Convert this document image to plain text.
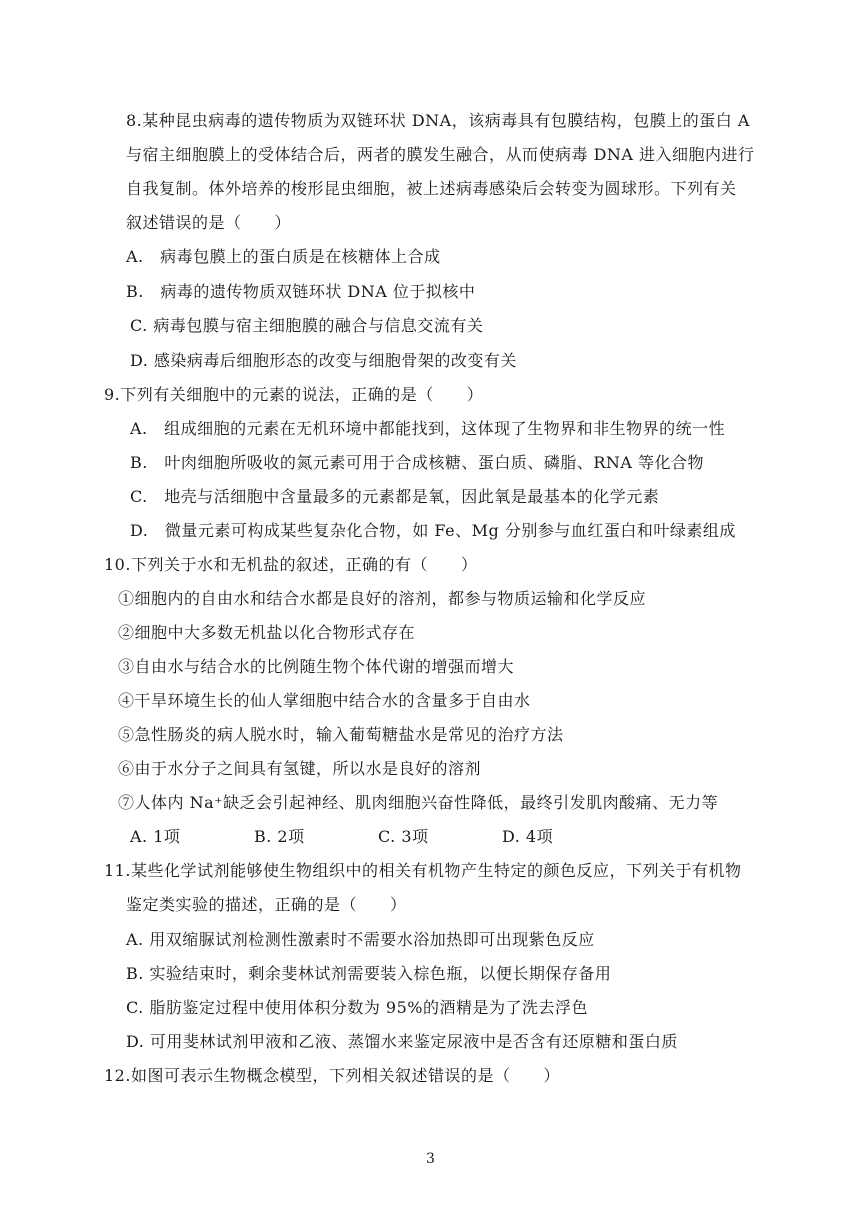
8.某种昆虫病毒的遗传物质为双链环状 DNA，该病毒具有包膜结构，包膜上的蛋白 A
与宿主细胞膜上的受体结合后，两者的膜发生融合，从而使病毒 DNA 进入细胞内进行
自我复制。体外培养的梭形昆虫细胞，被上述病毒感染后会转变为圆球形。下列有关
叙述错误的是（　　）
A.　病毒包膜上的蛋白质是在核糖体上合成
B.　病毒的遗传物质双链环状 DNA 位于拟核中
C. 病毒包膜与宿主细胞膜的融合与信息交流有关
D. 感染病毒后细胞形态的改变与细胞骨架的改变有关
9.下列有关细胞中的元素的说法，正确的是（　　）
A.　组成细胞的元素在无机环境中都能找到，这体现了生物界和非生物界的统一性
B.　叶肉细胞所吸收的氮元素可用于合成核糖、蛋白质、磷脂、RNA 等化合物
C.　地壳与活细胞中含量最多的元素都是氧，因此氧是最基本的化学元素
D.　微量元素可构成某些复杂化合物，如 Fe、Mg 分别参与血红蛋白和叶绿素组成
10.下列关于水和无机盐的叙述，正确的有（　　）
①细胞内的自由水和结合水都是良好的溶剂，都参与物质运输和化学反应
②细胞中大多数无机盐以化合物形式存在
③自由水与结合水的比例随生物个体代谢的增强而增大
④干旱环境生长的仙人掌细胞中结合水的含量多于自由水
⑤急性肠炎的病人脱水时，输入葡萄糖盐水是常见的治疗方法
⑥由于水分子之间具有氢键，所以水是良好的溶剂
⑦人体内 Na⁺缺乏会引起神经、肌肉细胞兴奋性降低，最终引发肌肉酸痛、无力等
A. 1项	B. 2项	C. 3项	D. 4项
11.某些化学试剂能够使生物组织中的相关有机物产生特定的颜色反应，下列关于有机物
鉴定类实验的描述，正确的是（　　）
A. 用双缩脲试剂检测性激素时不需要水浴加热即可出现紫色反应
B. 实验结束时，剩余斐林试剂需要装入棕色瓶，以便长期保存备用
C. 脂肪鉴定过程中使用体积分数为 95%的酒精是为了洗去浮色
D. 可用斐林试剂甲液和乙液、蒸馏水来鉴定尿液中是否含有还原糖和蛋白质
12.如图可表示生物概念模型，下列相关叙述错误的是（　　）
3
